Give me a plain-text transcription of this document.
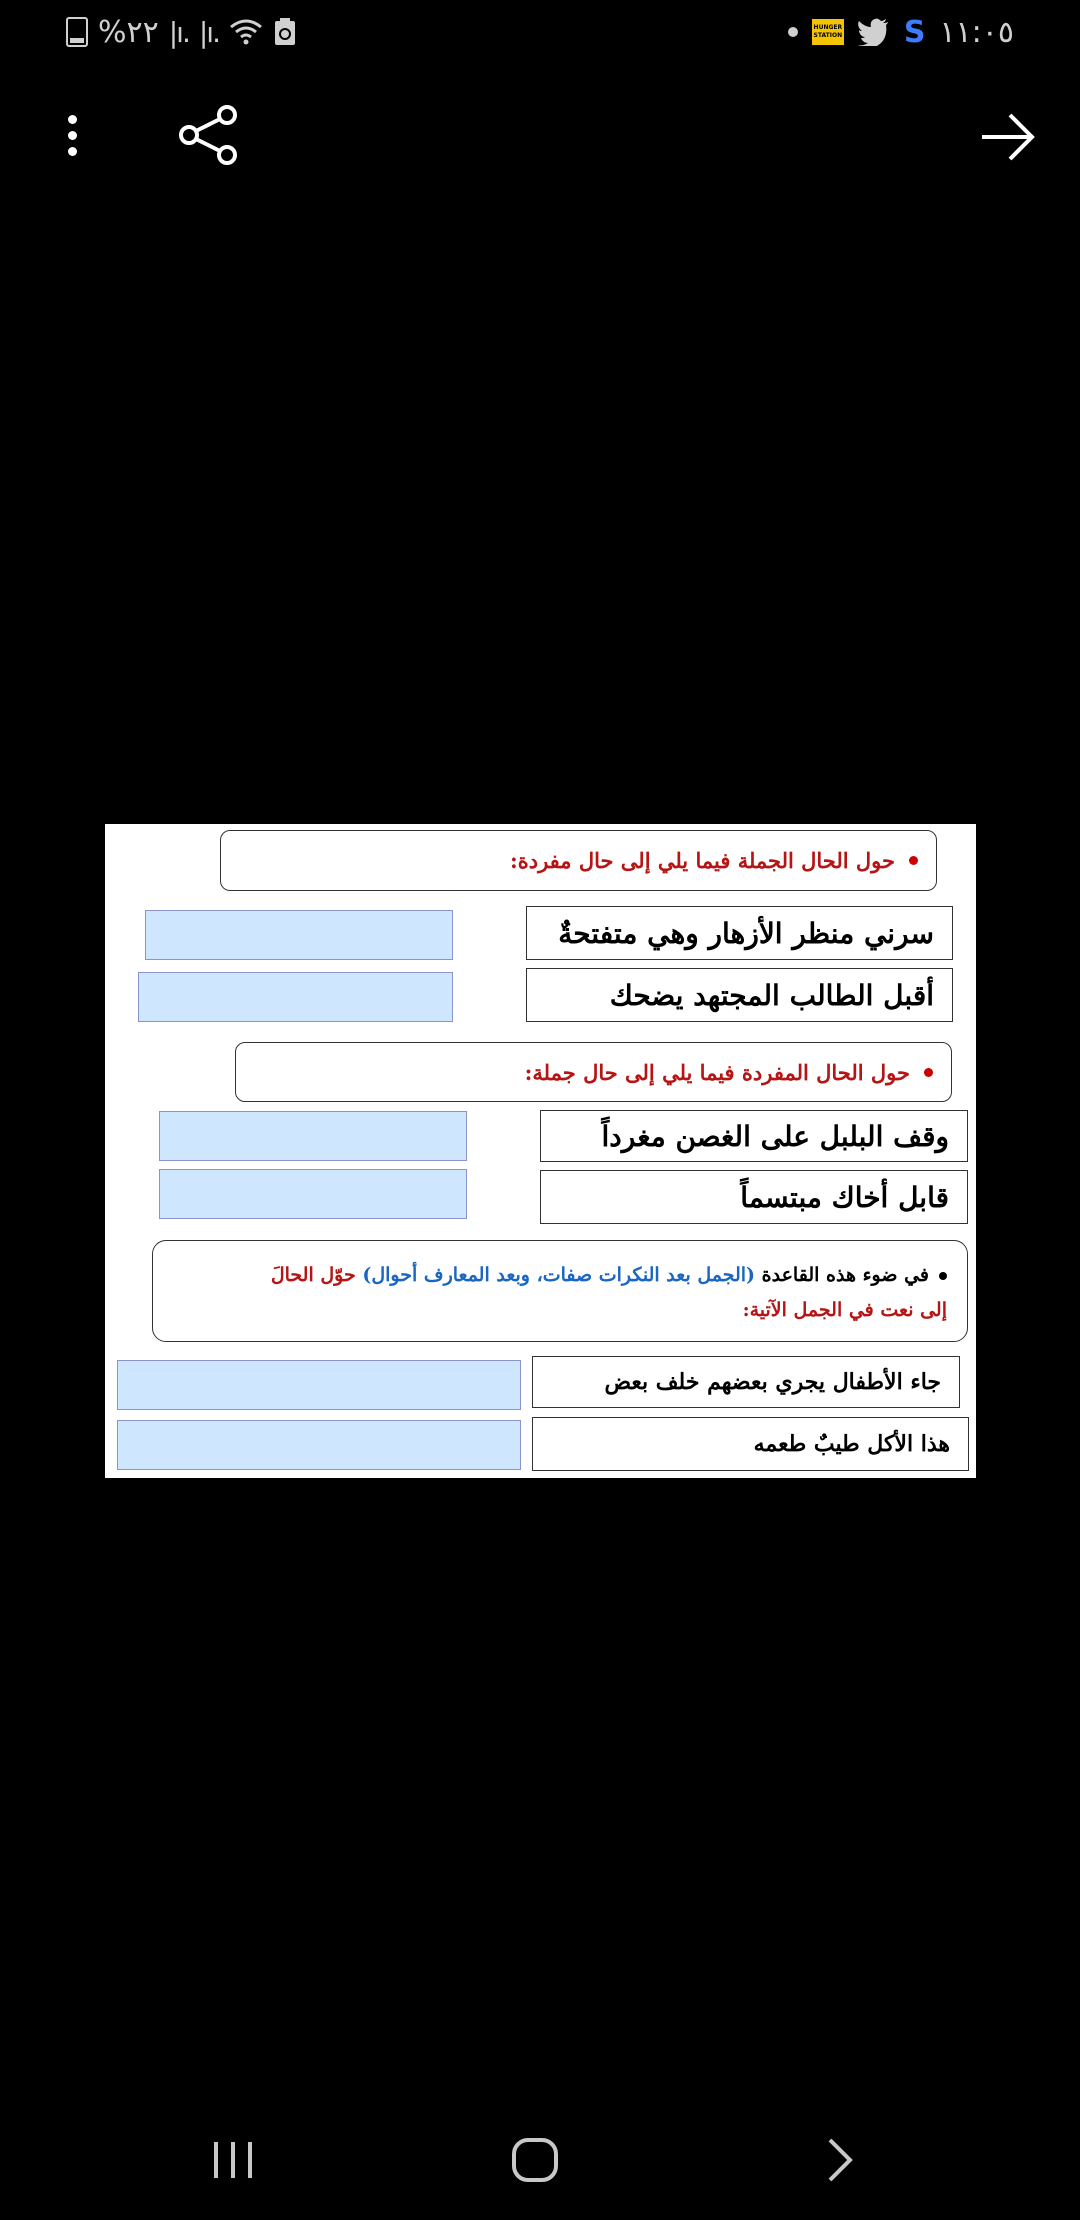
%٢٢ |ı. |ı.	HUNGER STATION S ١١:٠٥
حول الحال الجملة فيما يلي إلى حال مفردة:
سرني منظر الأزهار وهي متفتحةٌ
أقبل الطالب المجتهد يضحك
حول الحال المفردة فيما يلي إلى حال جملة:
وقف البلبل على الغصن مغرداً
قابل أخاك مبتسماً
في ضوء هذه القاعدة (الجمل بعد النكرات صفات، وبعد المعارف أحوال) حوّل الحالَ
إلى نعت في الجمل الآتية:
جاء الأطفال يجري بعضهم خلف بعض
هذا الأكل طيبٌ طعمه
